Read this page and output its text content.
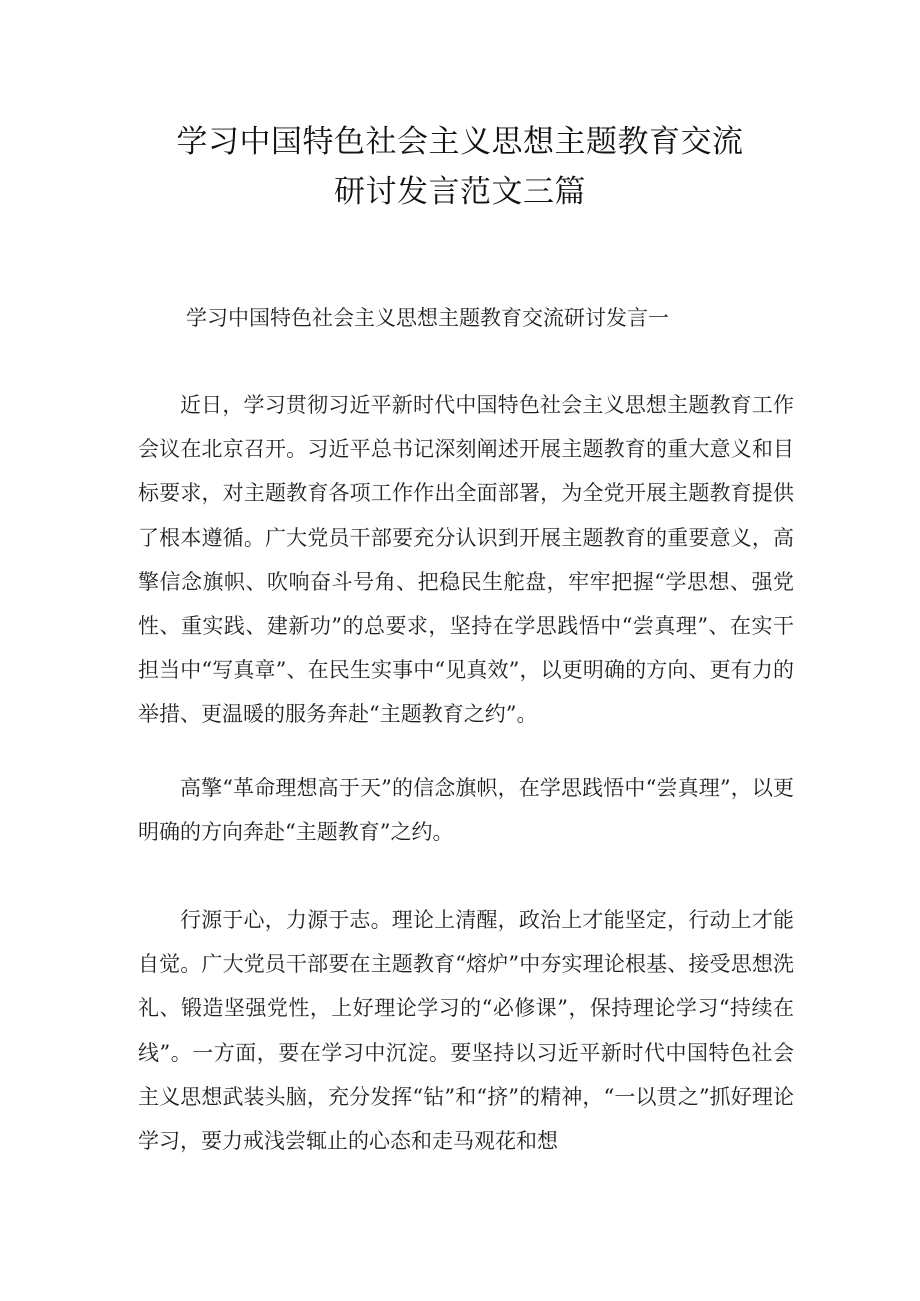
学习中国特色社会主义思想主题教育交流
研讨发言范文三篇
学习中国特色社会主义思想主题教育交流研讨发言一

近日，学习贯彻习近平新时代中国特色社会主义思想主题教育工作会议在北京召开。习近平总书记深刻阐述开展主题教育的重大意义和目标要求，对主题教育各项工作作出全面部署，为全党开展主题教育提供了根本遵循。广大党员干部要充分认识到开展主题教育的重要意义，高擎信念旗帜、吹响奋斗号角、把稳民生舵盘，牢牢把握“学思想、强党性、重实践、建新功”的总要求，坚持在学思践悟中“尝真理”、在实干担当中“写真章”、在民生实事中“见真效”，以更明确的方向、更有力的举措、更温暖的服务奔赴“主题教育之约”。

高擎“革命理想高于天”的信念旗帜，在学思践悟中“尝真理”，以更明确的方向奔赴“主题教育”之约。

行源于心，力源于志。理论上清醒，政治上才能坚定，行动上才能自觉。广大党员干部要在主题教育“熔炉”中夯实理论根基、接受思想洗礼、锻造坚强党性，上好理论学习的“必修课”，保持理论学习“持续在线”。一方面，要在学习中沉淀。要坚持以习近平新时代中国特色社会主义思想武装头脑，充分发挥“钻”和“挤”的精神，“一以贯之”抓好理论学习，要力戒浅尝辄止的心态和走马观花和想
